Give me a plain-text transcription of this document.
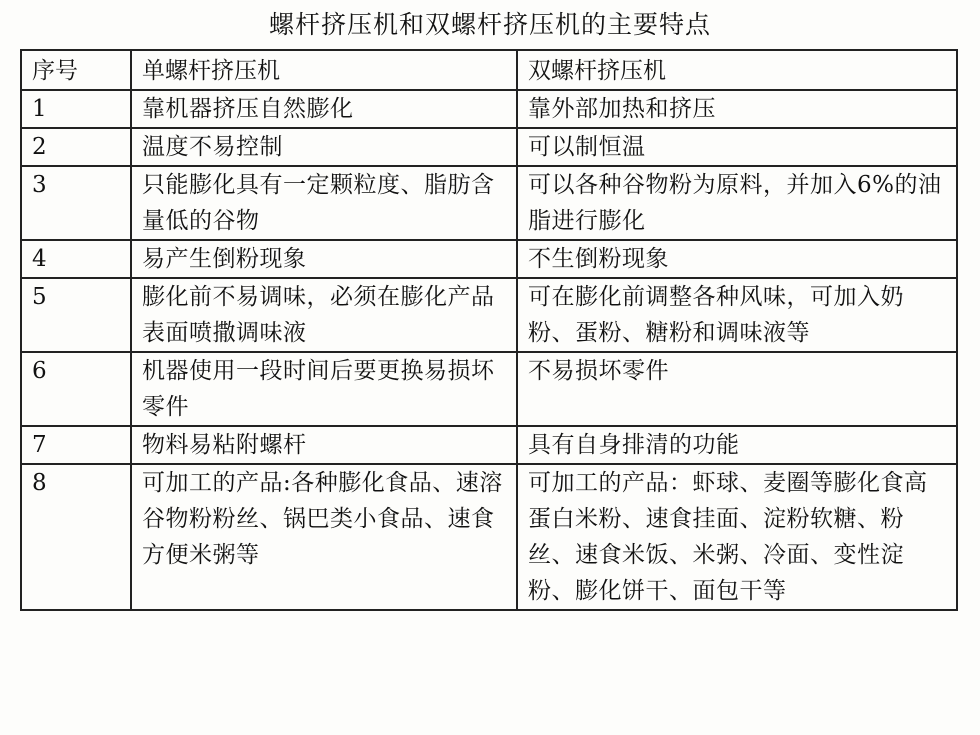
螺杆挤压机和双螺杆挤压机的主要特点
序号	单螺杆挤压机	双螺杆挤压机
1	靠机器挤压自然膨化	靠外部加热和挤压
2	温度不易控制	可以制恒温
3	只能膨化具有一定颗粒度、脂肪含量低的谷物	可以各种谷物粉为原料，并加入6%的油脂进行膨化
4	易产生倒粉现象	不生倒粉现象
5	膨化前不易调味，必须在膨化产品表面喷撒调味液	可在膨化前调整各种风味，可加入奶粉、蛋粉、糖粉和调味液等
6	机器使用一段时间后要更换易损坏零件	不易损坏零件
7	物料易粘附螺杆	具有自身排清的功能
8	可加工的产品:各种膨化食品、速溶谷物粉粉丝、锅巴类小食品、速食方便米粥等	可加工的产品：虾球、麦圈等膨化食高蛋白米粉、速食挂面、淀粉软糖、粉丝、速食米饭、米粥、冷面、变性淀粉、膨化饼干、面包干等
